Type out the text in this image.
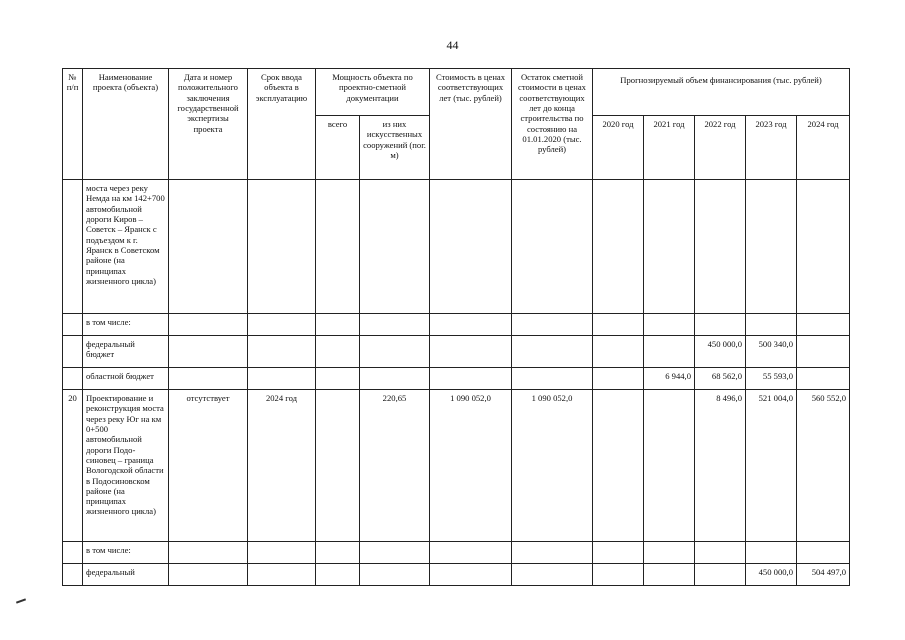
44
№ п/п	Наименование проекта (объекта)	Дата и номер положительного заключения государственной экспертизы проекта	Срок ввода объекта в эксплуатацию	Мощность объекта по проектно-сметной документации		Стоимость в ценах соответствующих лет (тыс. рублей)	Остаток сметной стоимости в ценах соответствующих лет до конца строительства по состоянию на 01.01.2020 (тыс. рублей)	Прогнозируемый объем финансирования (тыс. рублей)				
				всего	из них искусственных сооружений (пог. м)			2020 год	2021 год	2022 год	2023 год	2024 год
	моста через реку Немда на км 142+700 автомобильной дороги Киров – Советск – Яранск с подъездом к г. Яранск в Советском районе (на принципах жизненного цикла)											
	в том числе:											
	федеральный бюджет									450 000,0	500 340,0	
	областной бюджет								6 944,0	68 562,0	55 593,0	
20	Проектирование и реконструкция моста через реку Юг на км 0+500 автомобильной дороги Подо-синовец – граница Вологодской области в Подосиновском районе (на принципах жизненного цикла)	отсутствует	2024 год		220,65	1 090 052,0	1 090 052,0			8 496,0	521 004,0	560 552,0
	в том числе:											
	федеральный										450 000,0	504 497,0
